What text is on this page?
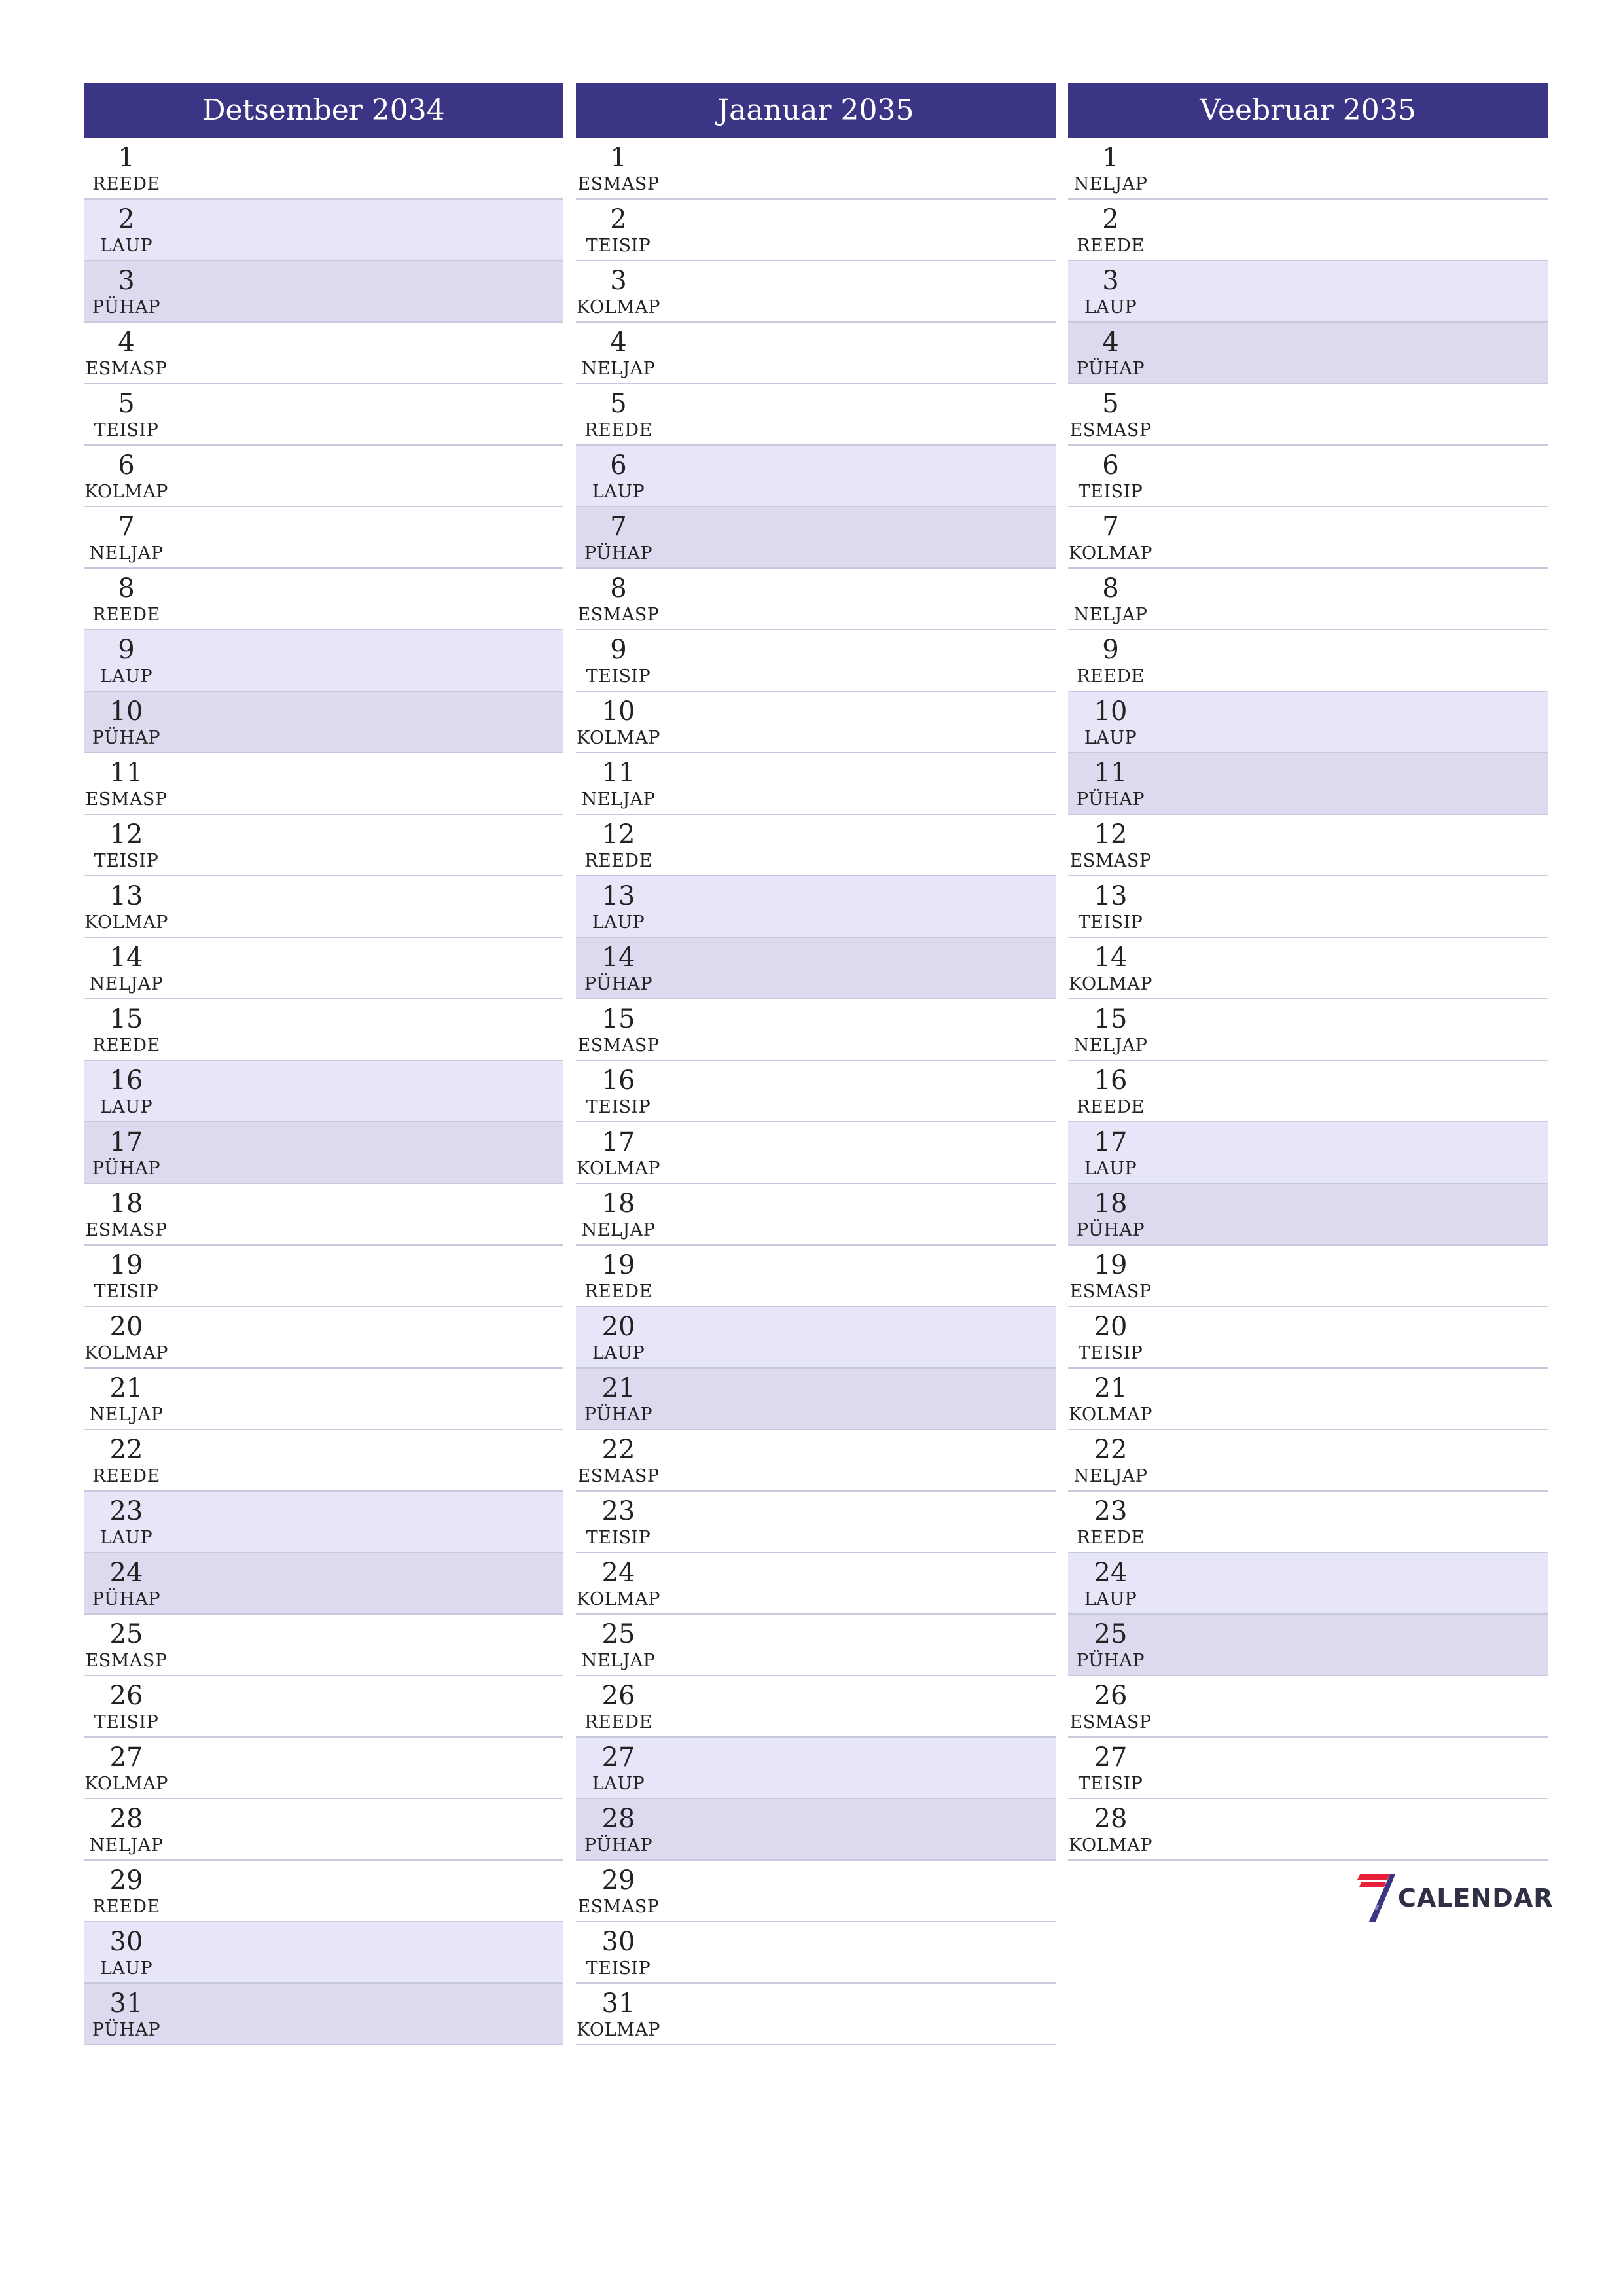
Detsember 2034
1
REEDE
2
LAUP
3
PÜHAP
4
ESMASP
5
TEISIP
6
KOLMAP
7
NELJAP
8
REEDE
9
LAUP
10
PÜHAP
11
ESMASP
12
TEISIP
13
KOLMAP
14
NELJAP
15
REEDE
16
LAUP
17
PÜHAP
18
ESMASP
19
TEISIP
20
KOLMAP
21
NELJAP
22
REEDE
23
LAUP
24
PÜHAP
25
ESMASP
26
TEISIP
27
KOLMAP
28
NELJAP
29
REEDE
30
LAUP
31
PÜHAP
Jaanuar 2035
1
ESMASP
2
TEISIP
3
KOLMAP
4
NELJAP
5
REEDE
6
LAUP
7
PÜHAP
8
ESMASP
9
TEISIP
10
KOLMAP
11
NELJAP
12
REEDE
13
LAUP
14
PÜHAP
15
ESMASP
16
TEISIP
17
KOLMAP
18
NELJAP
19
REEDE
20
LAUP
21
PÜHAP
22
ESMASP
23
TEISIP
24
KOLMAP
25
NELJAP
26
REEDE
27
LAUP
28
PÜHAP
29
ESMASP
30
TEISIP
31
KOLMAP
Veebruar 2035
1
NELJAP
2
REEDE
3
LAUP
4
PÜHAP
5
ESMASP
6
TEISIP
7
KOLMAP
8
NELJAP
9
REEDE
10
LAUP
11
PÜHAP
12
ESMASP
13
TEISIP
14
KOLMAP
15
NELJAP
16
REEDE
17
LAUP
18
PÜHAP
19
ESMASP
20
TEISIP
21
KOLMAP
22
NELJAP
23
REEDE
24
LAUP
25
PÜHAP
26
ESMASP
27
TEISIP
28
KOLMAP
CALENDAR
